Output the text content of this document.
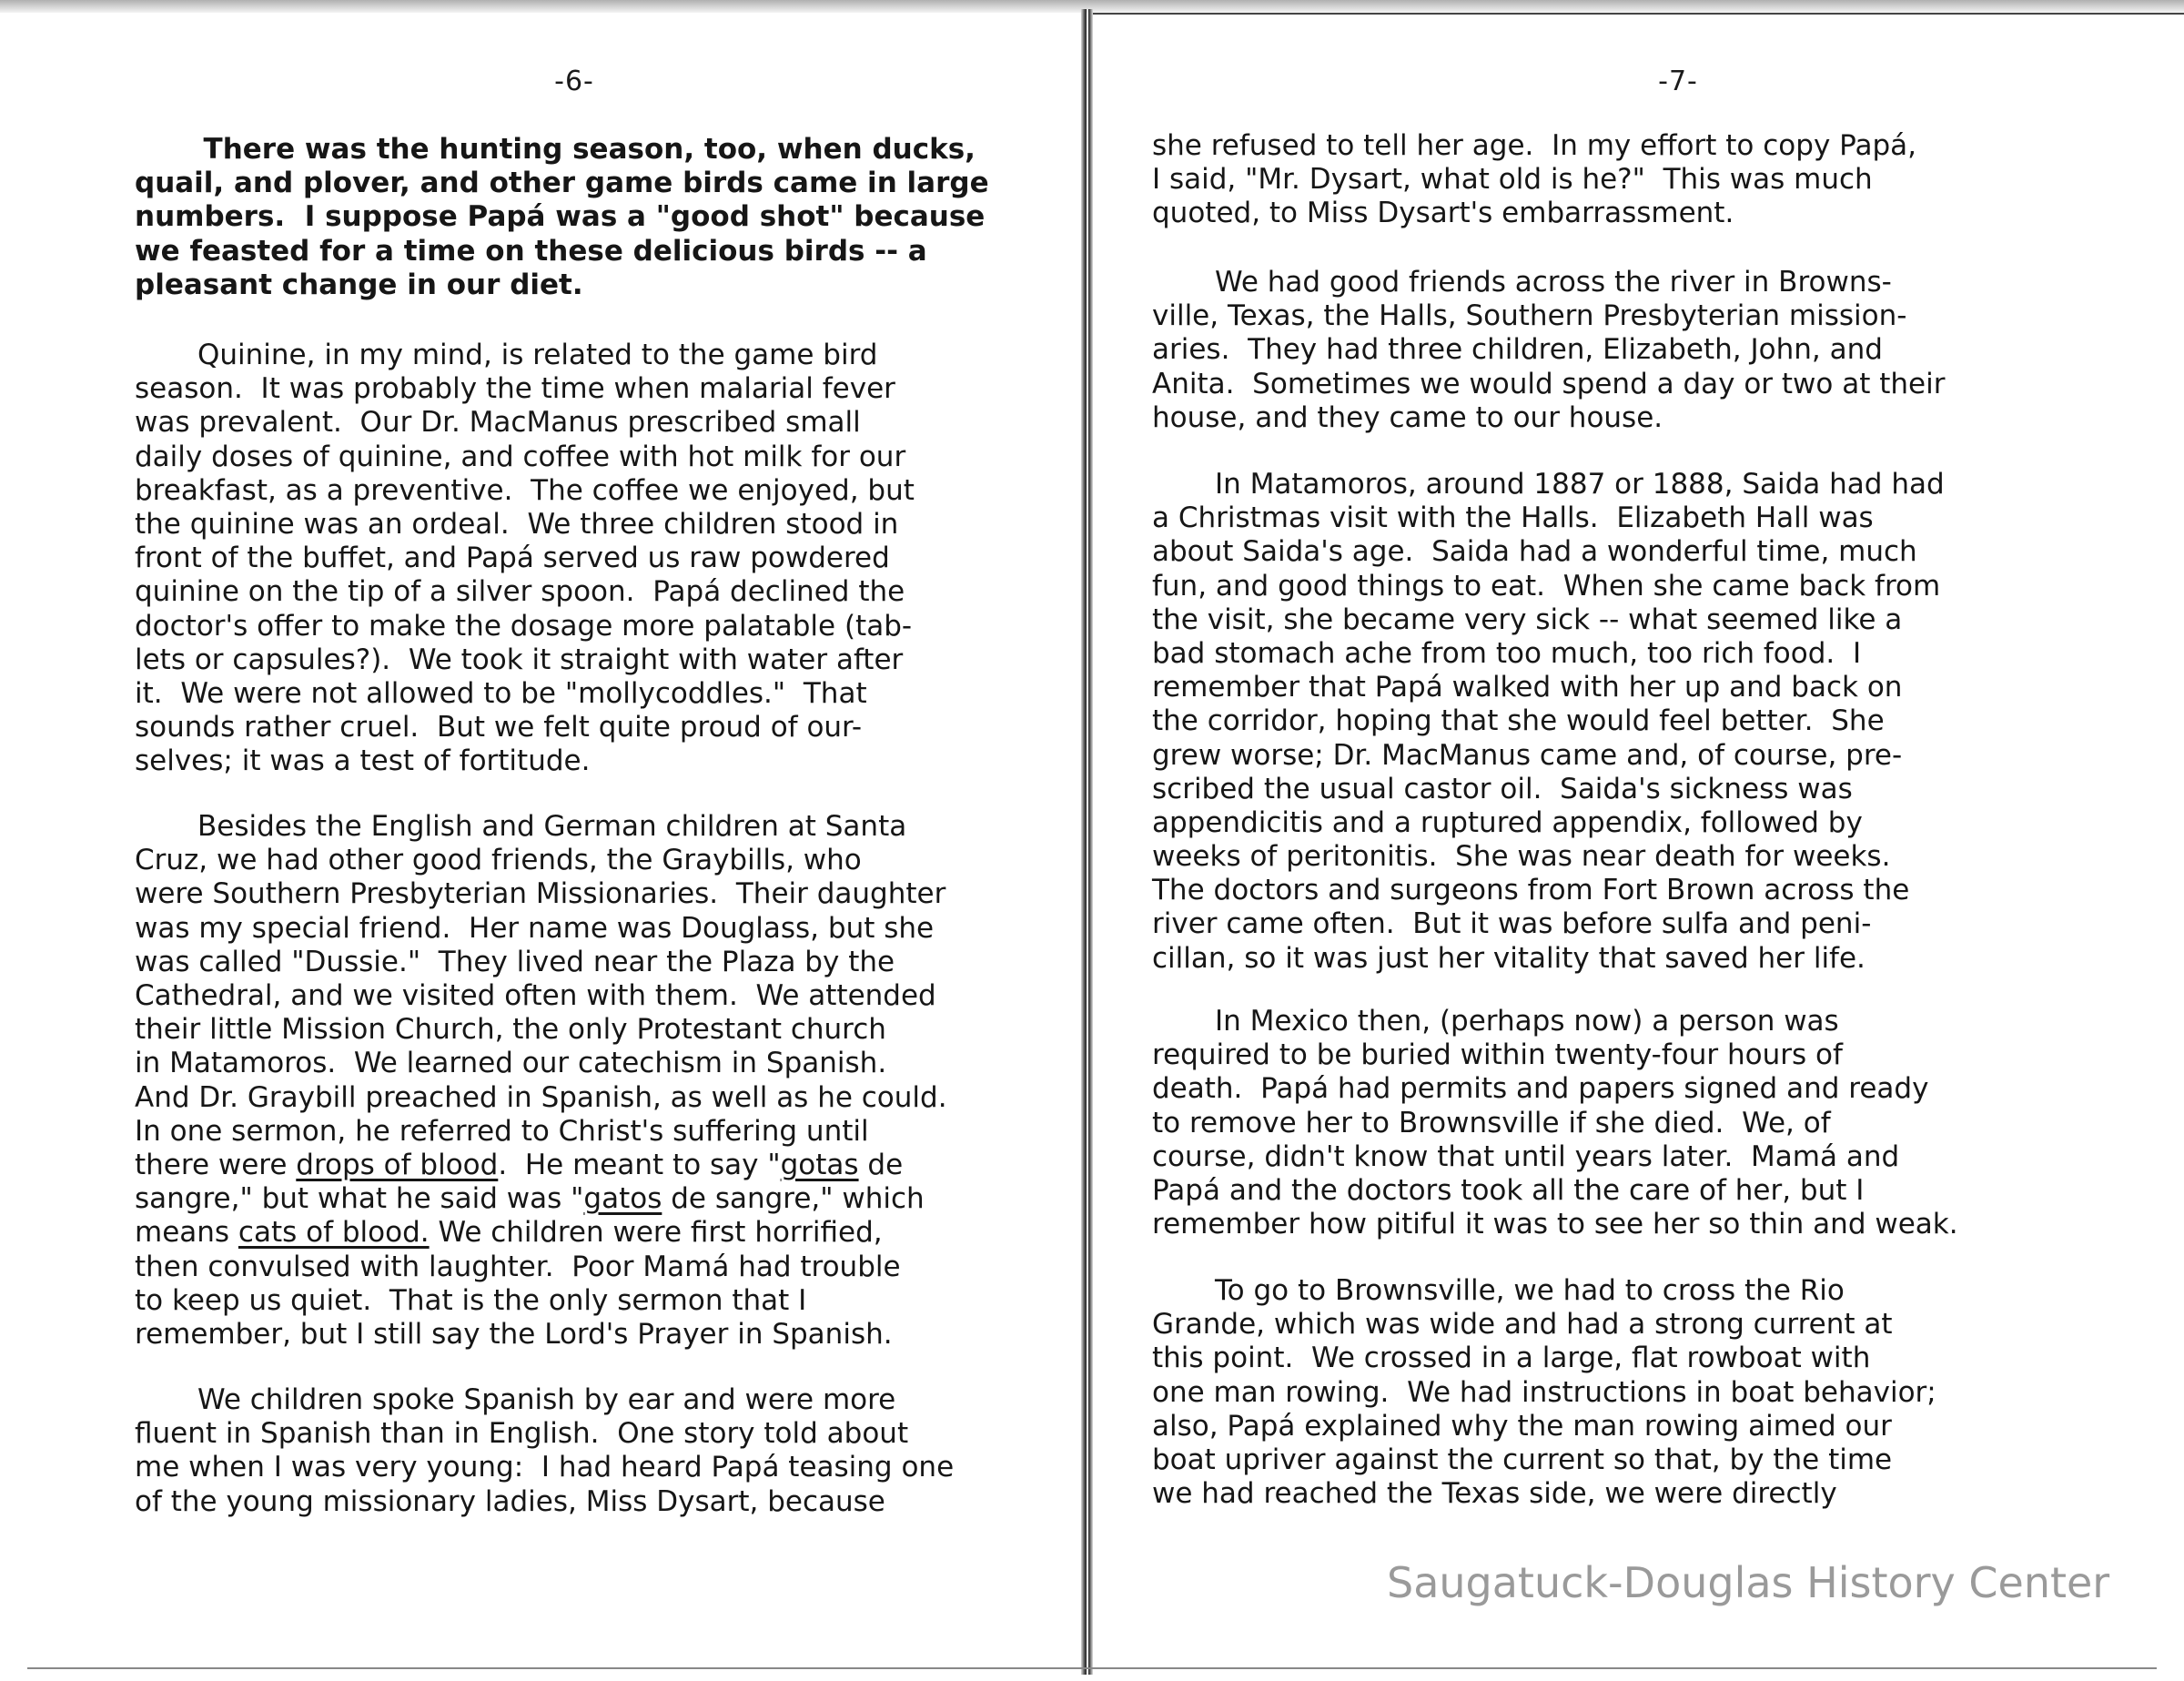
-6-
There was the hunting season, too, when ducks,
quail, and plover, and other game birds came in large
numbers.  I suppose Papá was a "good shot" because
we feasted for a time on these delicious birds -- a
pleasant change in our diet.
Quinine, in my mind, is related to the game bird
season.  It was probably the time when malarial fever
was prevalent.  Our Dr. MacManus prescribed small
daily doses of quinine, and coffee with hot milk for our
breakfast, as a preventive.  The coffee we enjoyed, but
the quinine was an ordeal.  We three children stood in
front of the buffet, and Papá served us raw powdered
quinine on the tip of a silver spoon.  Papá declined the
doctor's offer to make the dosage more palatable (tab-
lets or capsules?).  We took it straight with water after
it.  We were not allowed to be "mollycoddles."  That
sounds rather cruel.  But we felt quite proud of our-
selves; it was a test of fortitude.
Besides the English and German children at Santa
Cruz, we had other good friends, the Graybills, who
were Southern Presbyterian Missionaries.  Their daughter
was my special friend.  Her name was Douglass, but she
was called "Dussie."  They lived near the Plaza by the
Cathedral, and we visited often with them.  We attended
their little Mission Church, the only Protestant church
in Matamoros.  We learned our catechism in Spanish.
And Dr. Graybill preached in Spanish, as well as he could.
In one sermon, he referred to Christ's suffering until
there were drops of blood.  He meant to say "gotas de
sangre," but what he said was "gatos de sangre," which
means cats of blood. We children were first horrified,
then convulsed with laughter.  Poor Mamá had trouble
to keep us quiet.  That is the only sermon that I
remember, but I still say the Lord's Prayer in Spanish.
We children spoke Spanish by ear and were more
fluent in Spanish than in English.  One story told about
me when I was very young:  I had heard Papá teasing one
of the young missionary ladies, Miss Dysart, because
-7-
she refused to tell her age.  In my effort to copy Papá,
I said, "Mr. Dysart, what old is he?"  This was much
quoted, to Miss Dysart's embarrassment.
We had good friends across the river in Browns-
ville, Texas, the Halls, Southern Presbyterian mission-
aries.  They had three children, Elizabeth, John, and
Anita.  Sometimes we would spend a day or two at their
house, and they came to our house.
In Matamoros, around 1887 or 1888, Saida had had
a Christmas visit with the Halls.  Elizabeth Hall was
about Saida's age.  Saida had a wonderful time, much
fun, and good things to eat.  When she came back from
the visit, she became very sick -- what seemed like a
bad stomach ache from too much, too rich food.  I
remember that Papá walked with her up and back on
the corridor, hoping that she would feel better.  She
grew worse; Dr. MacManus came and, of course, pre-
scribed the usual castor oil.  Saida's sickness was
appendicitis and a ruptured appendix, followed by
weeks of peritonitis.  She was near death for weeks.
The doctors and surgeons from Fort Brown across the
river came often.  But it was before sulfa and peni-
cillan, so it was just her vitality that saved her life.
In Mexico then, (perhaps now) a person was
required to be buried within twenty-four hours of
death.  Papá had permits and papers signed and ready
to remove her to Brownsville if she died.  We, of
course, didn't know that until years later.  Mamá and
Papá and the doctors took all the care of her, but I
remember how pitiful it was to see her so thin and weak.
To go to Brownsville, we had to cross the Rio
Grande, which was wide and had a strong current at
this point.  We crossed in a large, flat rowboat with
one man rowing.  We had instructions in boat behavior;
also, Papá explained why the man rowing aimed our
boat upriver against the current so that, by the time
we had reached the Texas side, we were directly
Saugatuck-Douglas History Center
